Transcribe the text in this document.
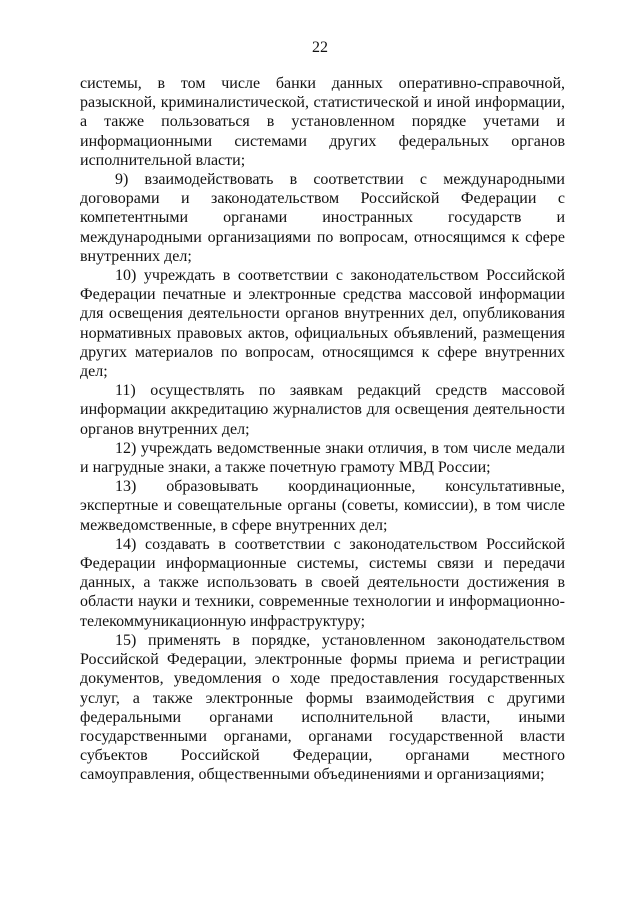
22

системы, в том числе банки данных оперативно-справочной, разыскной, криминалистической, статистической и иной информации, а также пользоваться в установленном порядке учетами и информационными системами других федеральных органов исполнительной власти;

9) взаимодействовать в соответствии с международными договорами и законодательством Российской Федерации с компетентными органами иностранных государств и международными организациями по вопросам, относящимся к сфере внутренних дел;

10) учреждать в соответствии с законодательством Российской Федерации печатные и электронные средства массовой информации для освещения деятельности органов внутренних дел, опубликования нормативных правовых актов, официальных объявлений, размещения других материалов по вопросам, относящимся к сфере внутренних дел;

11) осуществлять по заявкам редакций средств массовой информации аккредитацию журналистов для освещения деятельности органов внутренних дел;

12) учреждать ведомственные знаки отличия, в том числе медали и нагрудные знаки, а также почетную грамоту МВД России;

13) образовывать координационные, консультативные, экспертные и совещательные органы (советы, комиссии), в том числе межведомственные, в сфере внутренних дел;

14) создавать в соответствии с законодательством Российской Федерации информационные системы, системы связи и передачи данных, а также использовать в своей деятельности достижения в области науки и техники, современные технологии и информационно-телекоммуникационную инфраструктуру;

15) применять в порядке, установленном законодательством Российской Федерации, электронные формы приема и регистрации документов, уведомления о ходе предоставления государственных услуг, а также электронные формы взаимодействия с другими федеральными органами исполнительной власти, иными государственными органами, органами государственной власти субъектов Российской Федерации, органами местного самоуправления, общественными объединениями и организациями;
